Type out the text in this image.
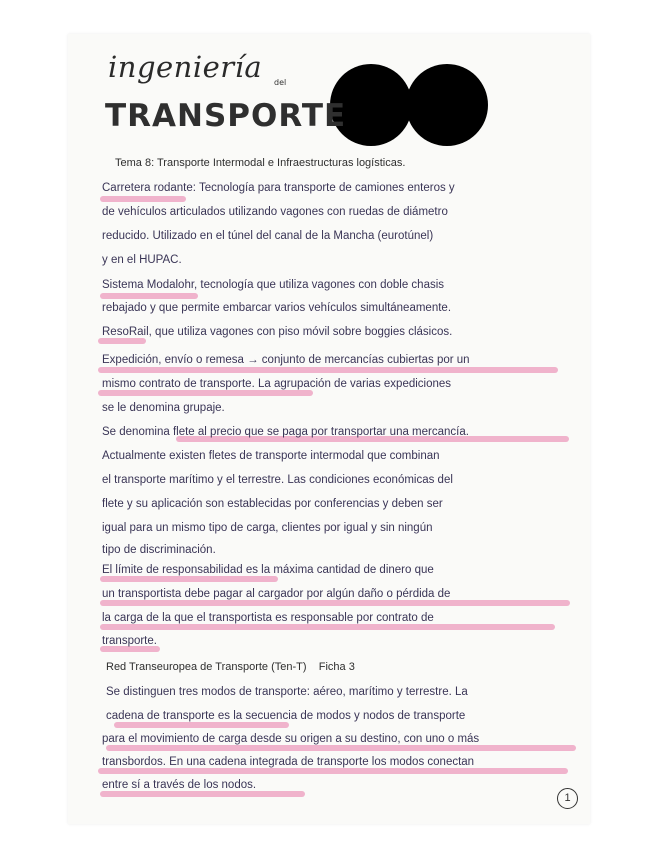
ingeniería del
TRANSPORTE
Tema 8: Transporte Intermodal e Infraestructuras logísticas.
Carretera rodante: Tecnología para transporte de camiones enteros y
de vehículos articulados utilizando vagones con ruedas de diámetro
reducido. Utilizado en el túnel del canal de la Mancha (eurotúnel)
y en el HUPAC.
Sistema Modalohr, tecnología que utiliza vagones con doble chasis
rebajado y que permite embarcar varios vehículos simultáneamente.
ResoRail, que utiliza vagones con piso móvil sobre boggies clásicos.
Expedición, envío o remesa → conjunto de mercancías cubiertas por un
mismo contrato de transporte. La agrupación de varias expediciones
se le denomina grupaje.
Se denomina flete al precio que se paga por transportar una mercancía.
Actualmente existen fletes de transporte intermodal que combinan
el transporte marítimo y el terrestre. Las condiciones económicas del
flete y su aplicación son establecidas por conferencias y deben ser
igual para un mismo tipo de carga, clientes por igual y sin ningún
tipo de discriminación.
El límite de responsabilidad es la máxima cantidad de dinero que
un transportista debe pagar al cargador por algún daño o pérdida de
la carga de la que el transportista es responsable por contrato de
transporte.
Red Transeuropea de Transporte (Ten-T)    Ficha 3
Se distinguen tres modos de transporte: aéreo, marítimo y terrestre. La
cadena de transporte es la secuencia de modos y nodos de transporte
para el movimiento de carga desde su origen a su destino, con uno o más
transbordos. En una cadena integrada de transporte los modos conectan
entre sí a través de los nodos.
1
